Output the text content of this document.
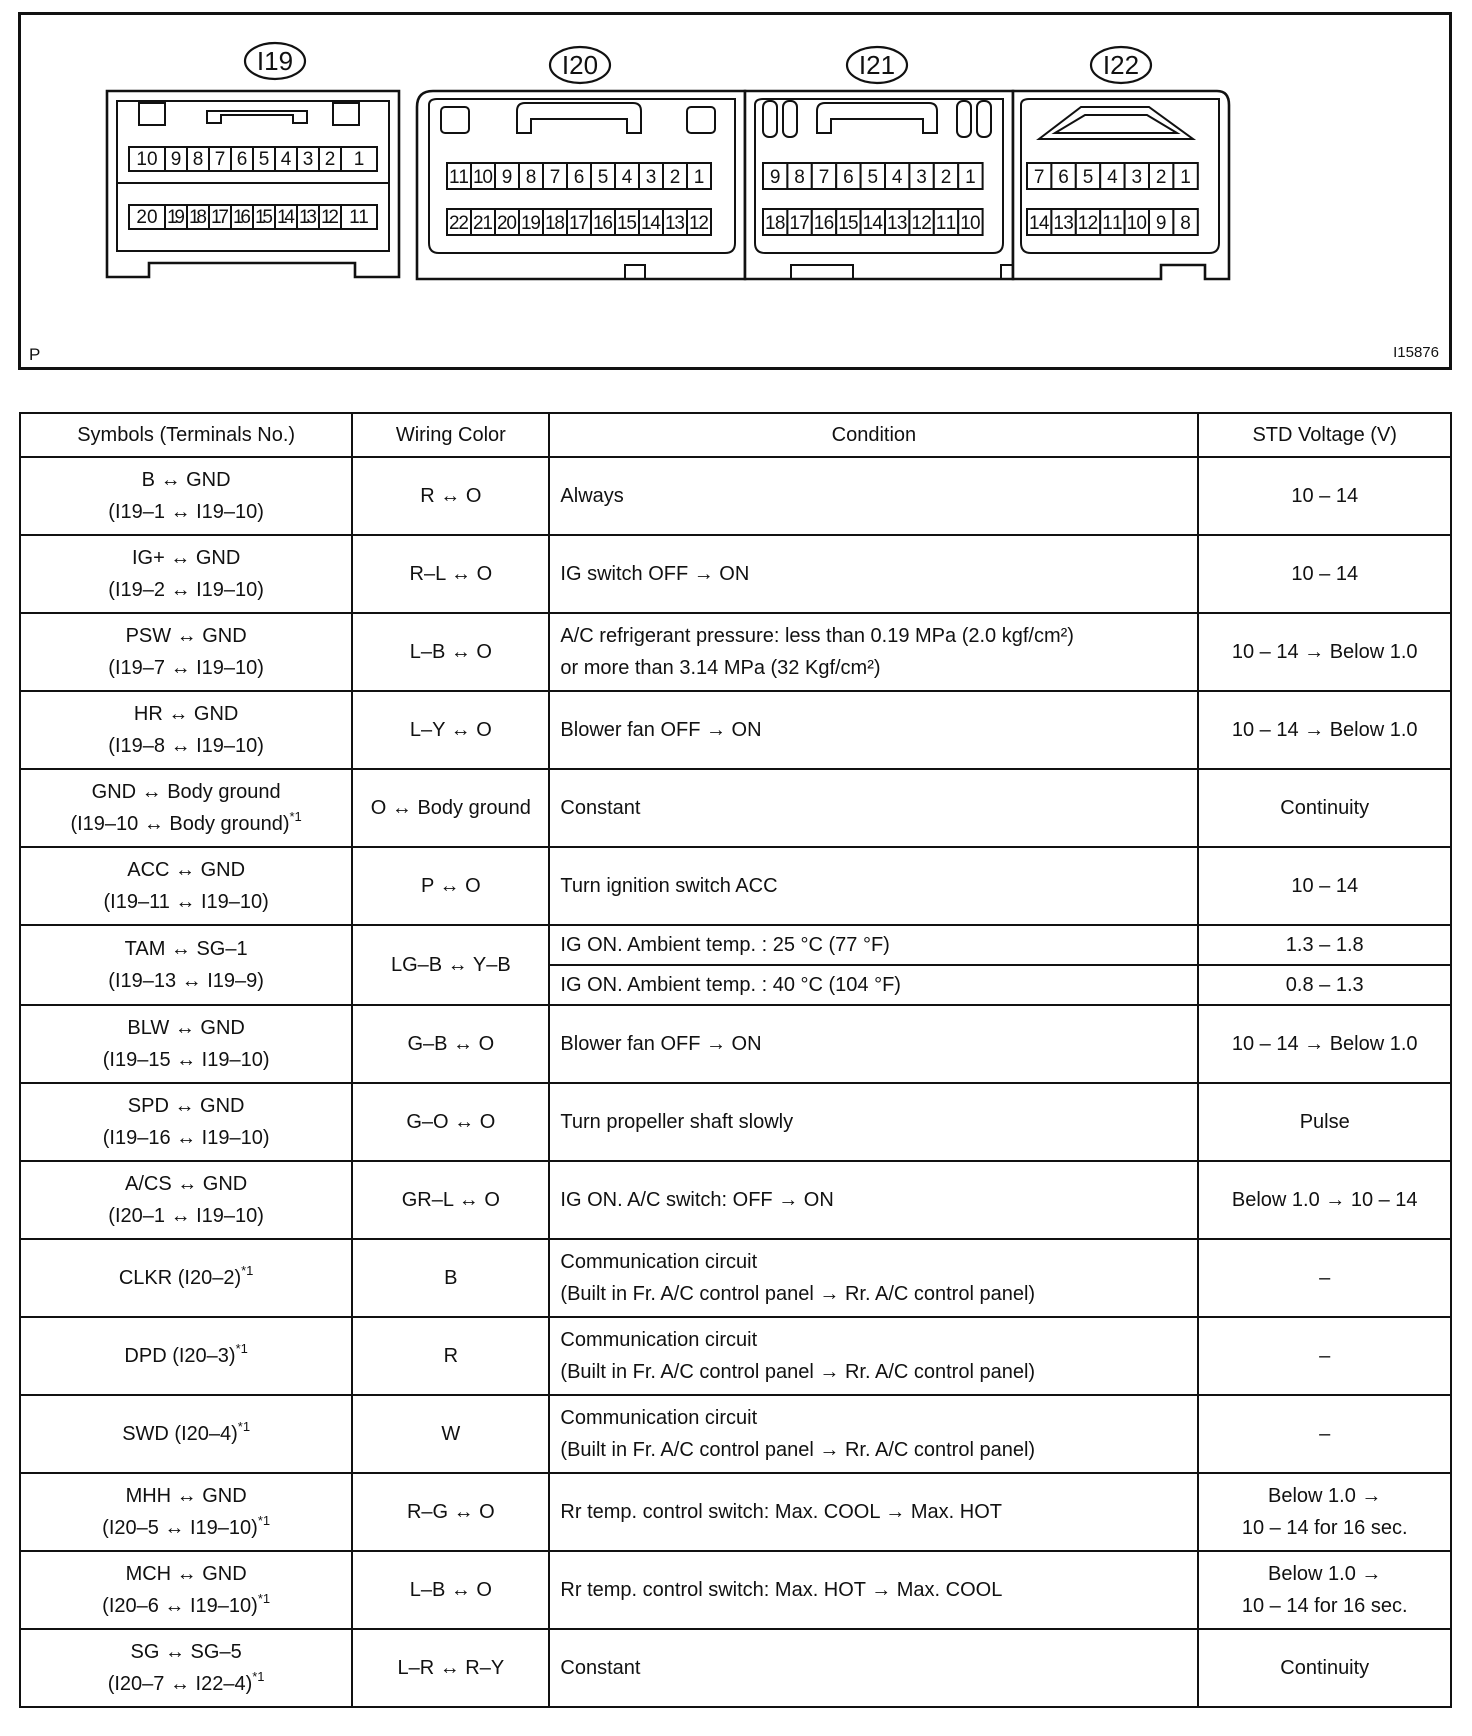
I19	I20	I21	I22
10 9 8 7 6 5 4 3 2 1
20 19 18 17 16 15 14 13 12 11
11 10 9 8 7 6 5 4 3 2 1
22 21 20 19 18 17 16 15 14 13 12
9 8 7 6 5 4 3 2 1
18 17 16 15 14 13 12 11 10
7 6 5 4 3 2 1
14 13 12 11 10 9 8
P	I15876
Symbols (Terminals No.)	Wiring Color	Condition	STD Voltage (V)

B ↔ GND
(I19–1 ↔ I19–10)	R ↔ O	Always	10 – 14

IG+ ↔ GND
(I19–2 ↔ I19–10)	R–L ↔ O	IG switch OFF → ON	10 – 14

PSW ↔ GND
(I19–7 ↔ I19–10)	L–B ↔ O	A/C refrigerant pressure: less than 0.19 MPa (2.0 kgf/cm²)
or more than 3.14 MPa (32 Kgf/cm²)	10 – 14 → Below 1.0

HR ↔ GND
(I19–8 ↔ I19–10)	L–Y ↔ O	Blower fan OFF → ON	10 – 14 → Below 1.0

GND ↔ Body ground
(I19–10 ↔ Body ground)$^{*1}$	O ↔ Body ground	Constant	Continuity

ACC ↔ GND
(I19–11 ↔ I19–10)	P ↔ O	Turn ignition switch ACC	10 – 14

TAM ↔ SG–1
(I19–13 ↔ I19–9)	LG–B ↔ Y–B	IG ON. Ambient temp. : 25 °C (77 °F)	1.3 – 1.8

		IG ON. Ambient temp. : 40 °C (104 °F)	0.8 – 1.3

BLW ↔ GND
(I19–15 ↔ I19–10)	G–B ↔ O	Blower fan OFF → ON	10 – 14 → Below 1.0

SPD ↔ GND
(I19–16 ↔ I19–10)	G–O ↔ O	Turn propeller shaft slowly	Pulse

A/CS ↔ GND
(I20–1 ↔ I19–10)	GR–L ↔ O	IG ON. A/C switch: OFF → ON	Below 1.0 → 10 – 14

CLKR $(I20-2)^{*1}$	B	Communication circuit
(Built in Fr. A/C control panel → Rr. A/C control panel)	–

DPD $(I20-3)^{*1}$	R	Communication circuit
(Built in Fr. A/C control panel → Rr. A/C control panel)	–

SWD $(I20-4)^{*1}$	W	Communication circuit
(Built in Fr. A/C control panel → Rr. A/C control panel)	–

MHH ↔ GND
(I20–5 ↔ I19–10)$^{*1}$	R–G ↔ O	Rr temp. control switch: Max. COOL → Max. HOT	Below 1.0 →
10 – 14 for 16 sec.

MCH ↔ GND
(I20–6 ↔ I19–10)$^{*1}$	L–B ↔ O	Rr temp. control switch: Max. HOT → Max. COOL	Below 1.0 →
10 – 14 for 16 sec.

SG ↔ SG–5
(I20–7 ↔ I22–4)$^{*1}$	L–R ↔ R–Y	Constant	Continuity
